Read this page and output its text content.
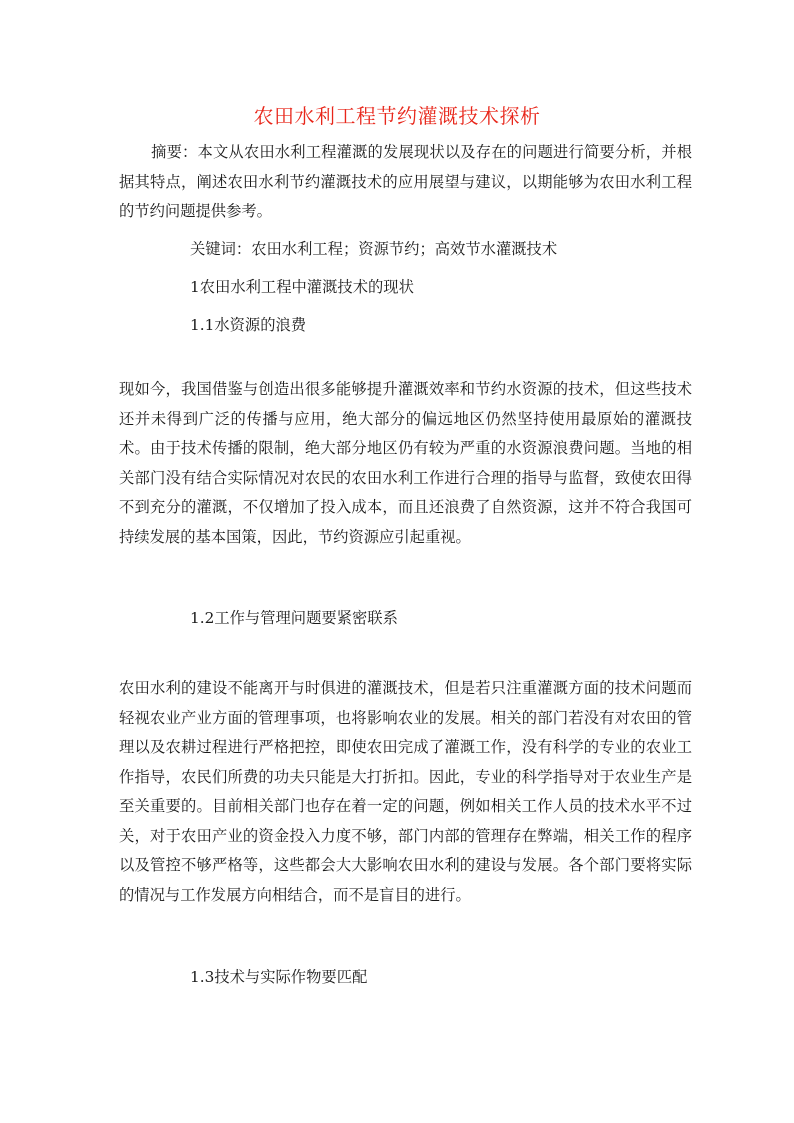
农田水利工程节约灌溉技术探析

摘要：本文从农田水利工程灌溉的发展现状以及存在的问题进行简要分析，并根据其特点，阐述农田水利节约灌溉技术的应用展望与建议，以期能够为农田水利工程的节约问题提供参考。

关键词：农田水利工程；资源节约；高效节水灌溉技术

1农田水利工程中灌溉技术的现状

1.1水资源的浪费

现如今，我国借鉴与创造出很多能够提升灌溉效率和节约水资源的技术，但这些技术还并未得到广泛的传播与应用，绝大部分的偏远地区仍然坚持使用最原始的灌溉技术。由于技术传播的限制，绝大部分地区仍有较为严重的水资源浪费问题。当地的相关部门没有结合实际情况对农民的农田水利工作进行合理的指导与监督，致使农田得不到充分的灌溉，不仅增加了投入成本，而且还浪费了自然资源，这并不符合我国可持续发展的基本国策，因此，节约资源应引起重视。

1.2工作与管理问题要紧密联系

农田水利的建设不能离开与时俱进的灌溉技术，但是若只注重灌溉方面的技术问题而轻视农业产业方面的管理事项，也将影响农业的发展。相关的部门若没有对农田的管理以及农耕过程进行严格把控，即使农田完成了灌溉工作，没有科学的专业的农业工作指导，农民们所费的功夫只能是大打折扣。因此，专业的科学指导对于农业生产是至关重要的。目前相关部门也存在着一定的问题，例如相关工作人员的技术水平不过关，对于农田产业的资金投入力度不够，部门内部的管理存在弊端，相关工作的程序以及管控不够严格等，这些都会大大影响农田水利的建设与发展。各个部门要将实际的情况与工作发展方向相结合，而不是盲目的进行。

1.3技术与实际作物要匹配
